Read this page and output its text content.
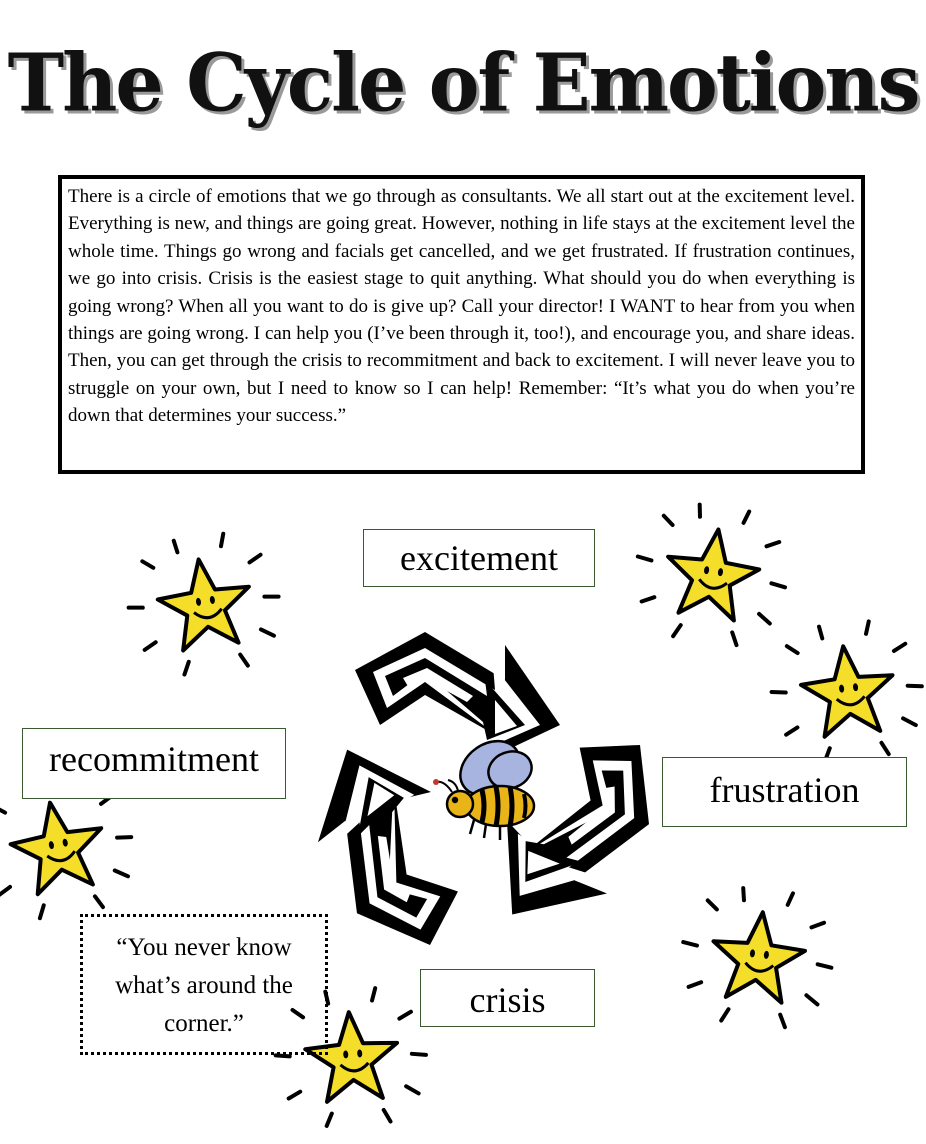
The Cycle of Emotions

There is a circle of emotions that we go through as consultants. We all start out at the excitement level. Everything is new, and things are going great. However, nothing in life stays at the excitement level the whole time. Things go wrong and facials get cancelled, and we get frustrated. If frustration continues, we go into crisis. Crisis is the easiest stage to quit anything. What should you do when everything is going wrong? When all you want to do is give up? Call your director! I WANT to hear from you when things are going wrong. I can help you (I’ve been through it, too!), and encourage you, and share ideas. Then, you can get through the crisis to recommitment and back to excitement. I will never leave you to struggle on your own, but I need to know so I can help! Remember: “It’s what you do when you’re down that determines your success.”

excitement
recommitment
frustration
crisis
“You never know what’s around the corner.”
